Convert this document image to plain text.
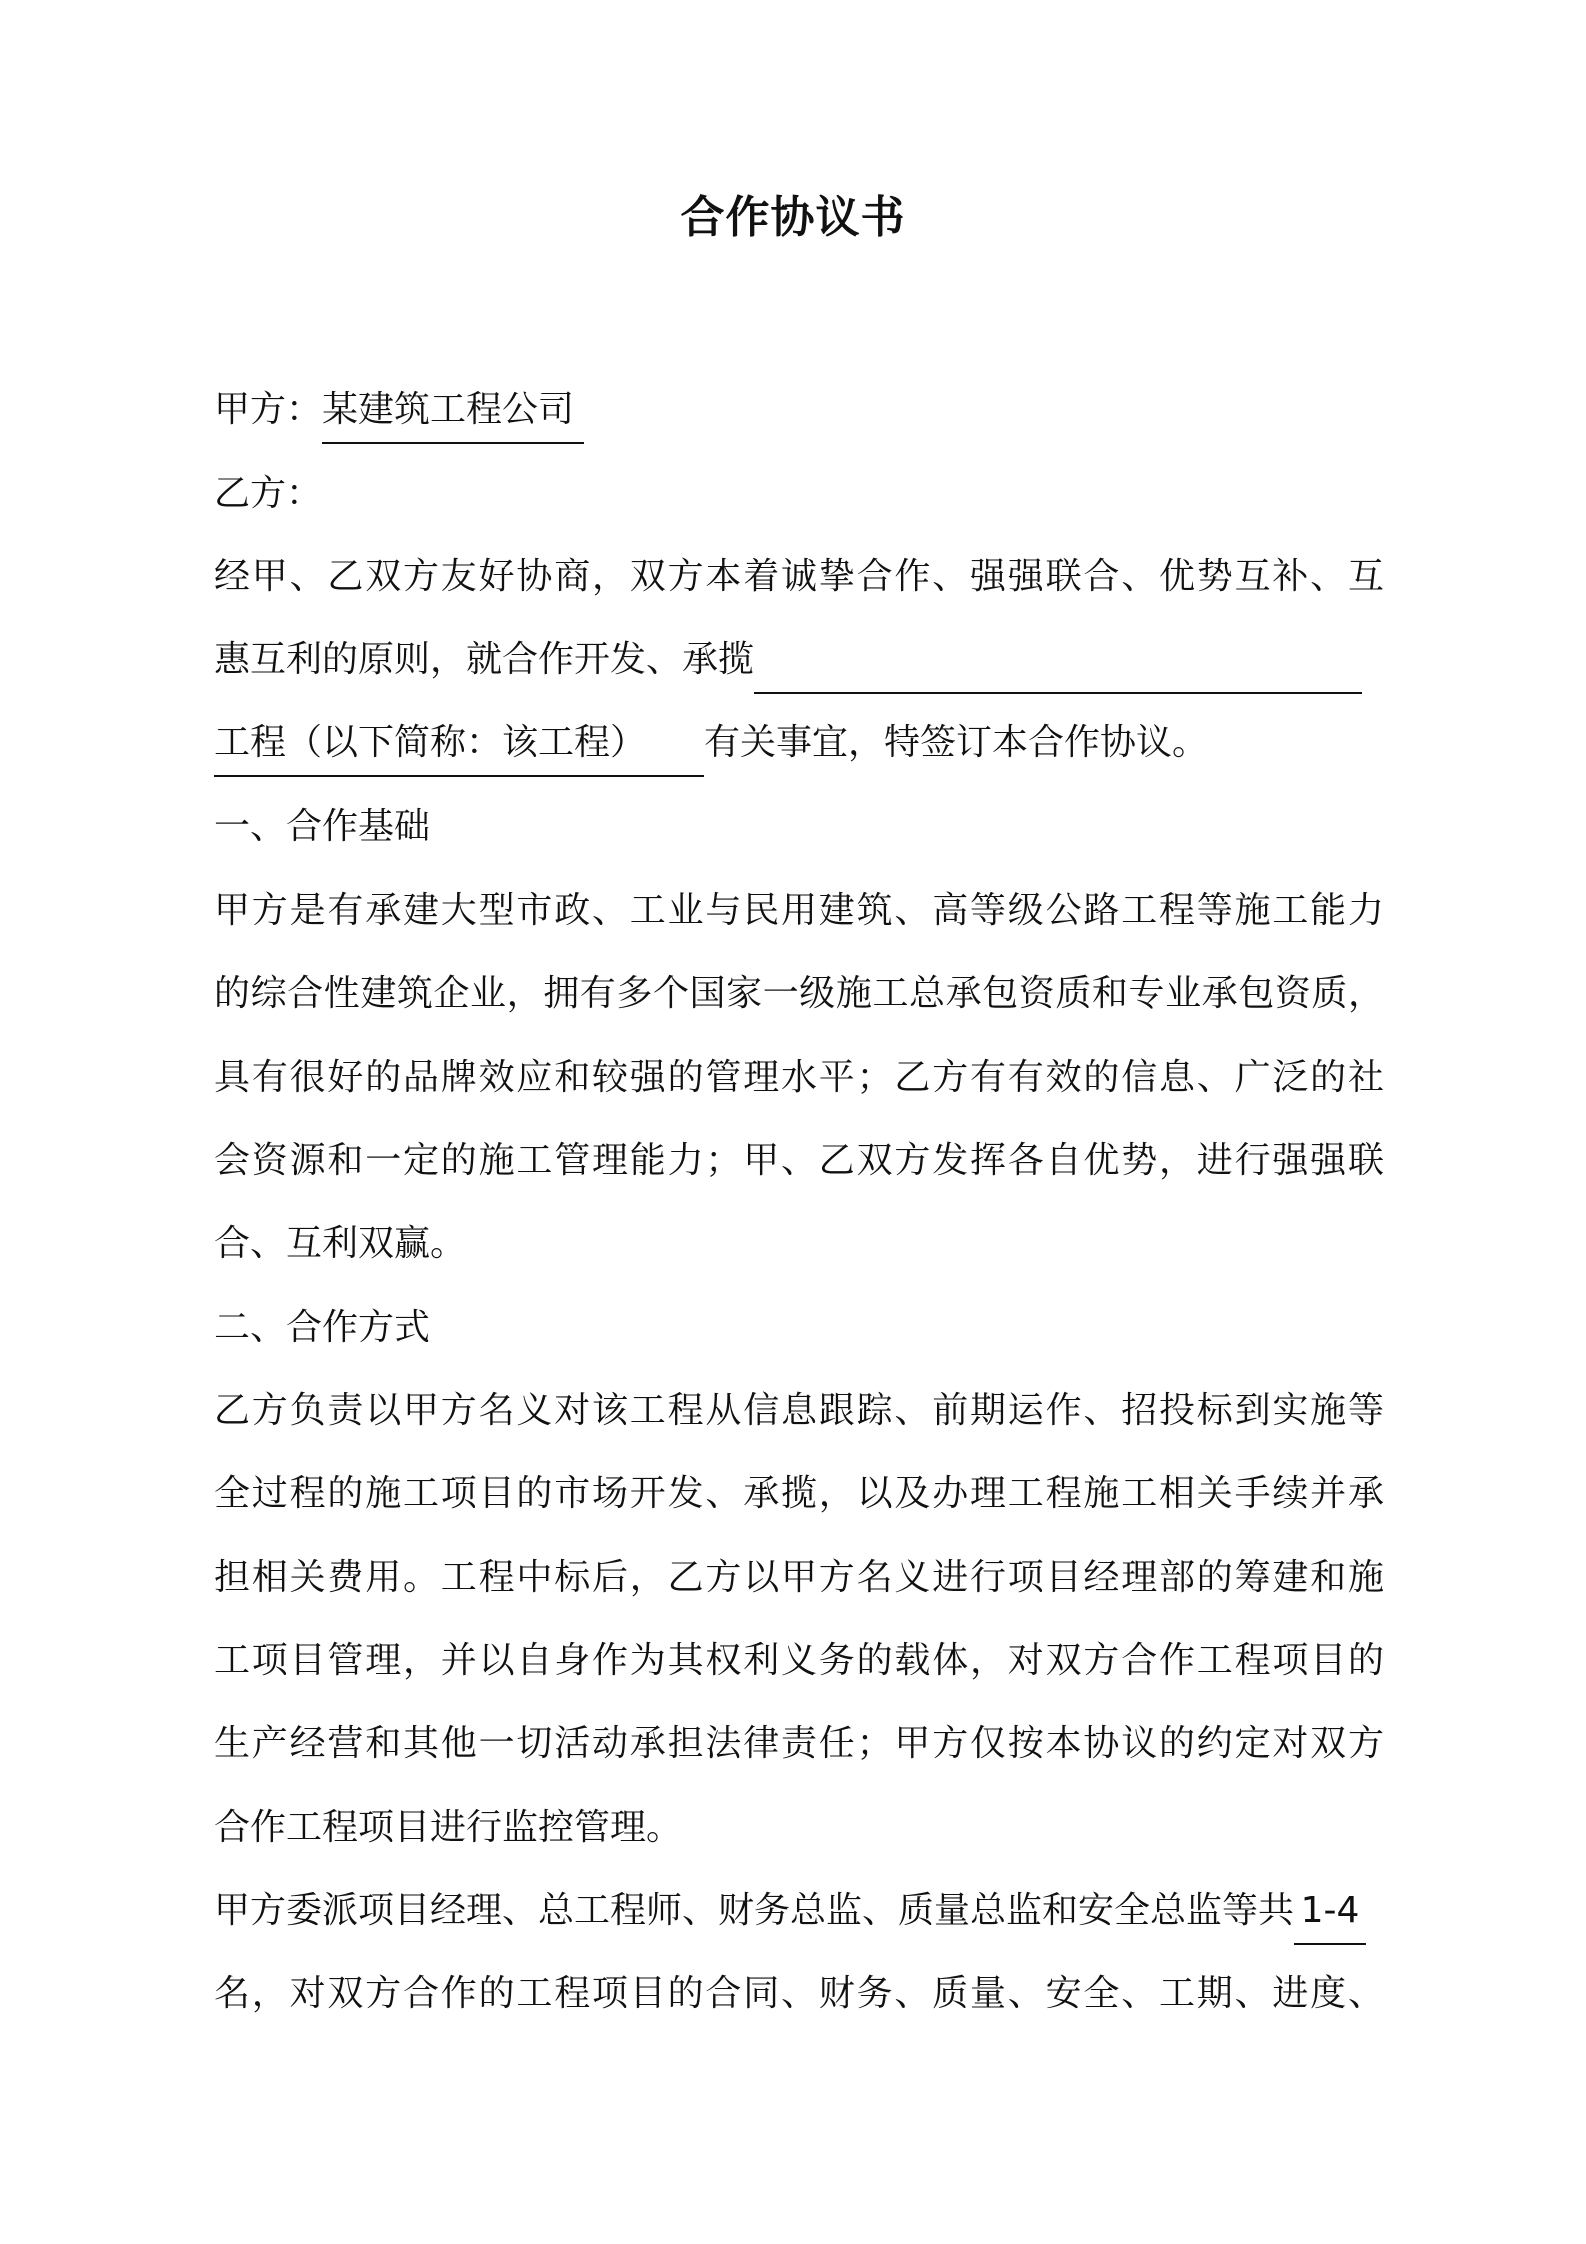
合作协议书
甲方：某建筑工程公司
乙方：
经甲、乙双方友好协商，双方本着诚挚合作、强强联合、优势互补、互
惠互利的原则，就合作开发、承揽
工程（以下简称：该工程） 有关事宜，特签订本合作协议。
一、合作基础
甲方是有承建大型市政、工业与民用建筑、高等级公路工程等施工能力
的综合性建筑企业，拥有多个国家一级施工总承包资质和专业承包资质，
具有很好的品牌效应和较强的管理水平；乙方有有效的信息、广泛的社
会资源和一定的施工管理能力；甲、乙双方发挥各自优势，进行强强联
合、互利双赢。
二、合作方式
乙方负责以甲方名义对该工程从信息跟踪、前期运作、招投标到实施等
全过程的施工项目的市场开发、承揽，以及办理工程施工相关手续并承
担相关费用。工程中标后，乙方以甲方名义进行项目经理部的筹建和施
工项目管理，并以自身作为其权利义务的载体，对双方合作工程项目的
生产经营和其他一切活动承担法律责任；甲方仅按本协议的约定对双方
合作工程项目进行监控管理。
甲方委派项目经理、总工程师、财务总监、质量总监和安全总监等共 1-4
名，对双方合作的工程项目的合同、财务、质量、安全、工期、进度、
